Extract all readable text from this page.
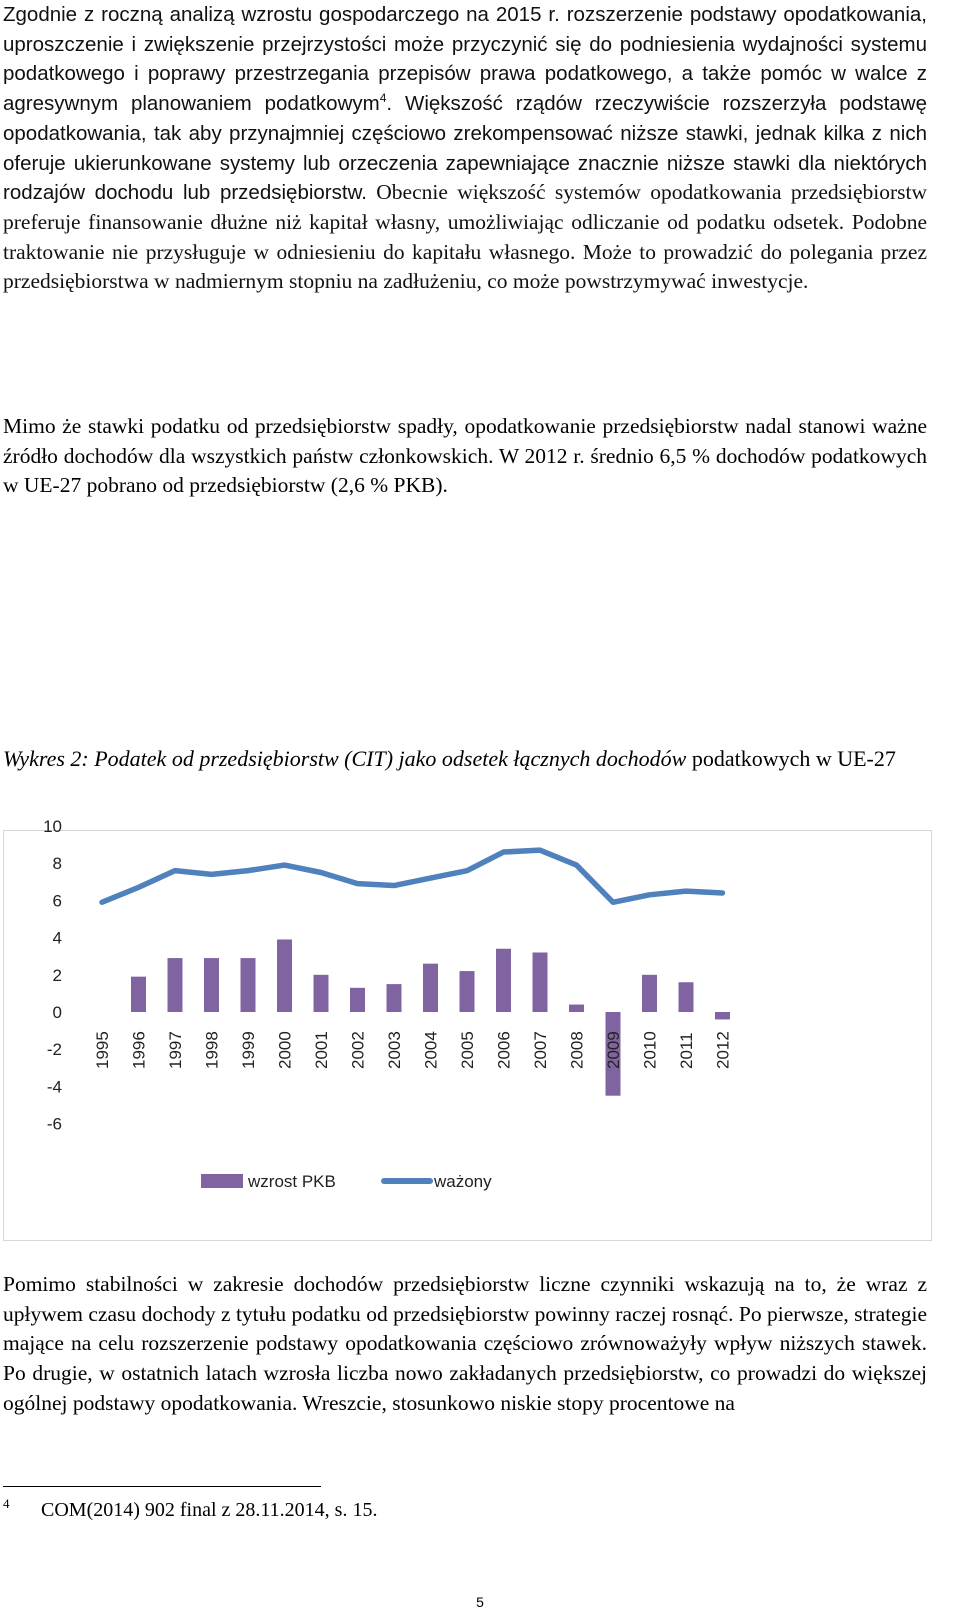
Zgodnie z roczną analizą wzrostu gospodarczego na 2015 r. rozszerzenie podstawy opodatkowania, uproszczenie i zwiększenie przejrzystości może przyczynić się do podniesienia wydajności systemu podatkowego i poprawy przestrzegania przepisów prawa podatkowego, a także pomóc w walce z agresywnym planowaniem podatkowym$^4$. Większość rządów rzeczywiście rozszerzyła podstawę opodatkowania, tak aby przynajmniej częściowo zrekompensować niższe stawki, jednak kilka z nich oferuje ukierunkowane systemy lub orzeczenia zapewniające znacznie niższe stawki dla niektórych rodzajów dochodu lub przedsiębiorstw. Obecnie większość systemów opodatkowania przedsiębiorstw preferuje finansowanie dłużne niż kapitał własny, umożliwiając odliczanie od podatku odsetek. Podobne traktowanie nie przysługuje w odniesieniu do kapitału własnego. Może to prowadzić do polegania przez przedsiębiorstwa w nadmiernym stopniu na zadłużeniu, co może powstrzymywać inwestycje.

Mimo że stawki podatku od przedsiębiorstw spadły, opodatkowanie przedsiębiorstw nadal stanowi ważne źródło dochodów dla wszystkich państw członkowskich. W 2012 r. średnio 6,5 % dochodów podatkowych w UE-27 pobrano od przedsiębiorstw (2,6 % PKB).

Wykres 2: Podatek od przedsiębiorstw (CIT) jako odsetek łącznych dochodów podatkowych w UE-27

10
8
6
4
2
0
-2
-4
-6
1995 1996 1997 1998 1999 2000 2001 2002 2003 2004 2005 2006 2007 2008 2009 2010 2011 2012
wzrost PKB	ważony

Pomimo stabilności w zakresie dochodów przedsiębiorstw liczne czynniki wskazują na to, że wraz z upływem czasu dochody z tytułu podatku od przedsiębiorstw powinny raczej rosnąć. Po pierwsze, strategie mające na celu rozszerzenie podstawy opodatkowania częściowo zrównoważyły wpływ niższych stawek. Po drugie, w ostatnich latach wzrosła liczba nowo zakładanych przedsiębiorstw, co prowadzi do większej ogólnej podstawy opodatkowania. Wreszcie, stosunkowo niskie stopy procentowe na

4 COM(2014) 902 final z 28.11.2014, s. 15.
5
